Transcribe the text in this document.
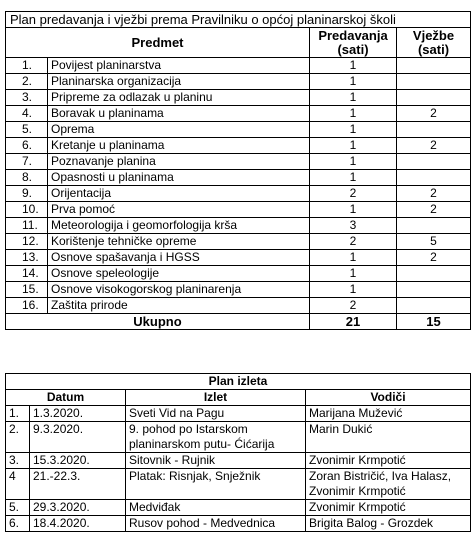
Plan predavanja i vježbi prema Pravilniku o općoj planinarskoj školi			
Predmet		Predavanja (sati)	Vježbe (sati)
1.	Povijest planinarstva	1	
2.	Planinarska organizacija	1	
3.	Pripreme za odlazak u planinu	1	
4.	Boravak u planinama	1	2
5.	Oprema	1	
6.	Kretanje u planinama	1	2
7.	Poznavanje planina	1	
8.	Opasnosti u planinama	1	
9.	Orijentacija	2	2
10.	Prva pomoć	1	2
11.	Meteorologija i geomorfologija krša	3	
12.	Korištenje tehničke opreme	2	5
13.	Osnove spašavanja i HGSS	1	2
14.	Osnove speleologije	1	
15.	Osnove visokogorskog planinarenja	1	
16.	Zaštita prirode	2	
Ukupno		21	15
Plan izleta			
Datum		Izlet	Vodiči
1.	1.3.2020.	Sveti Vid na Pagu	Marijana Mužević
2.	9.3.2020.	9. pohod po Istarskom planinarskom putu- Ćićarija	Marin Dukić
3.	15.3.2020.	Sitovnik - Rujnik	Zvonimir Krmpotić
4	21.-22.3.	Platak: Risnjak, Snježnik	Zoran Bistričić, Iva Halasz, Zvonimir Krmpotić
5.	29.3.2020.	Medviđak	Zvonimir Krmpotić
6.	18.4.2020.	Rusov pohod - Medvednica	Brigita Balog - Grozdek
